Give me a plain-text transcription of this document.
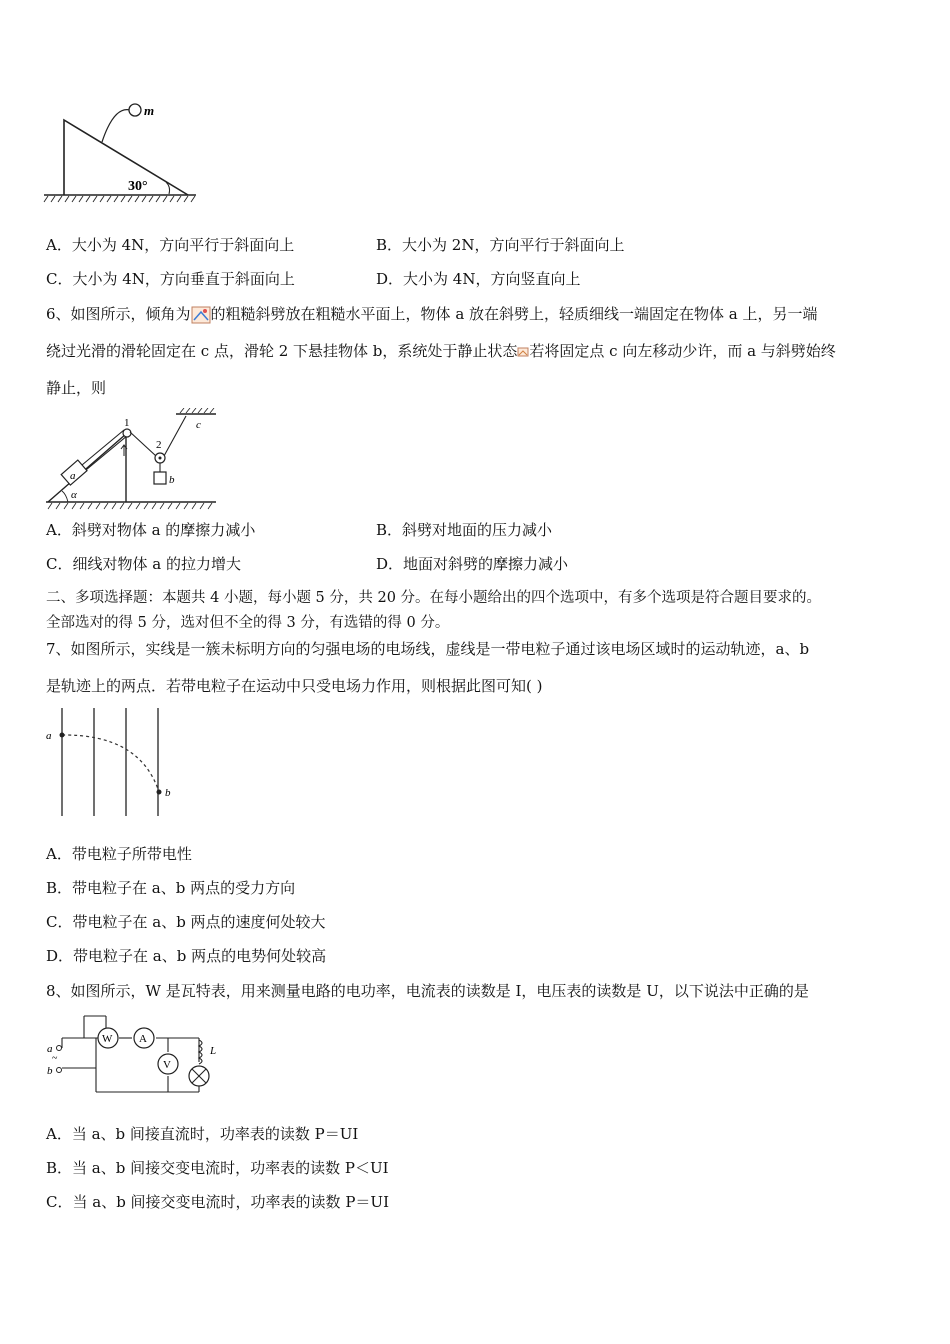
m
30°
A．大小为 4N，方向平行于斜面向上	B．大小为 2N，方向平行于斜面向上
C．大小为 4N，方向垂直于斜面向上	D．大小为 4N，方向竖直向上
6、如图所示，倾角为 的粗糙斜劈放在粗糙水平面上，物体 a 放在斜劈上，轻质细线一端固定在物体 a 上，另一端
绕过光滑的滑轮固定在 c 点，滑轮 2 下悬挂物体 b，系统处于静止状态 若将固定点 c 向左移动少许，而 a 与斜劈始终
静止，则
c
α
a
1
2
b
A．斜劈对物体 a 的摩擦力减小	B．斜劈对地面的压力减小
C．细线对物体 a 的拉力增大	D．地面对斜劈的摩擦力减小
二、多项选择题：本题共 4 小题，每小题 5 分，共 20 分。在每小题给出的四个选项中，有多个选项是符合题目要求的。
全部选对的得 5 分，选对但不全的得 3 分，有选错的得 0 分。
7、如图所示，实线是一簇未标明方向的匀强电场的电场线，虚线是一带电粒子通过该电场区域时的运动轨迹，a、b
是轨迹上的两点．若带电粒子在运动中只受电场力作用，则根据此图可知( )
a
b
A．带电粒子所带电性
B．带电粒子在 a、b 两点的受力方向
C．带电粒子在 a、b 两点的速度何处较大
D．带电粒子在 a、b 两点的电势何处较高
8、如图所示，W 是瓦特表，用来测量电路的电功率，电流表的读数是 I，电压表的读数是 U，以下说法中正确的是
W A
V
L
a
~
b
A．当 a、b 间接直流时，功率表的读数 P＝UI
B．当 a、b 间接交变电流时，功率表的读数 P＜UI
C．当 a、b 间接交变电流时，功率表的读数 P＝UI
